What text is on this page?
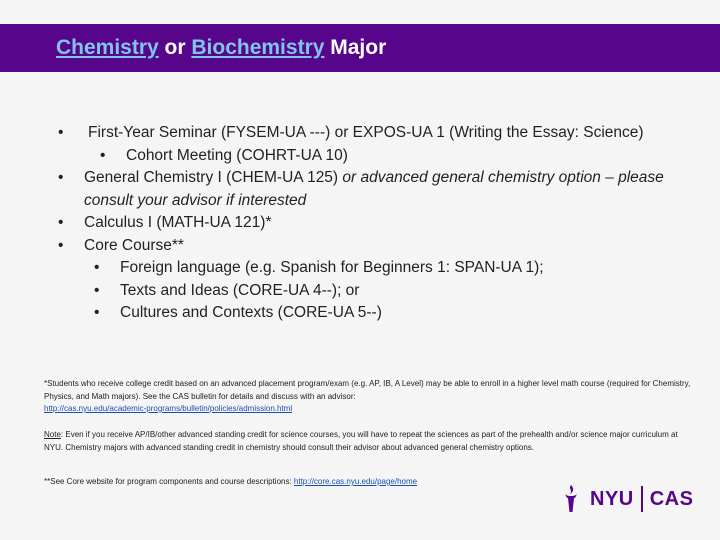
Chemistry or Biochemistry Major
•	First-Year Seminar (FYSEM-UA ---) or EXPOS-UA 1 (Writing the Essay: Science)
•	Cohort Meeting (COHRT-UA 10)
•	General Chemistry I (CHEM-UA 125) or advanced general chemistry option – please consult your advisor if interested
•	Calculus I (MATH-UA 121)*
•	Core Course**
•	Foreign language (e.g. Spanish for Beginners 1: SPAN-UA 1);
•	Texts and Ideas (CORE-UA 4--); or
•	Cultures and Contexts (CORE-UA 5--)
*Students who receive college credit based on an advanced placement program/exam (e.g. AP, IB, A Level) may be able to enroll in a higher level math course (required for Chemistry, Physics, and Math majors). See the CAS bulletin for details and discuss with an advisor:
http://cas.nyu.edu/academic-programs/bulletin/policies/admission.html
Note: Even if you receive AP/IB/other advanced standing credit for science courses, you will have to repeat the sciences as part of the prehealth and/or science major curriculum at NYU. Chemistry majors with advanced standing credit in chemistry should consult their advisor about advanced general chemistry options.
**See Core website for program components and course descriptions: http://core.cas.nyu.edu/page/home
NYU CAS
